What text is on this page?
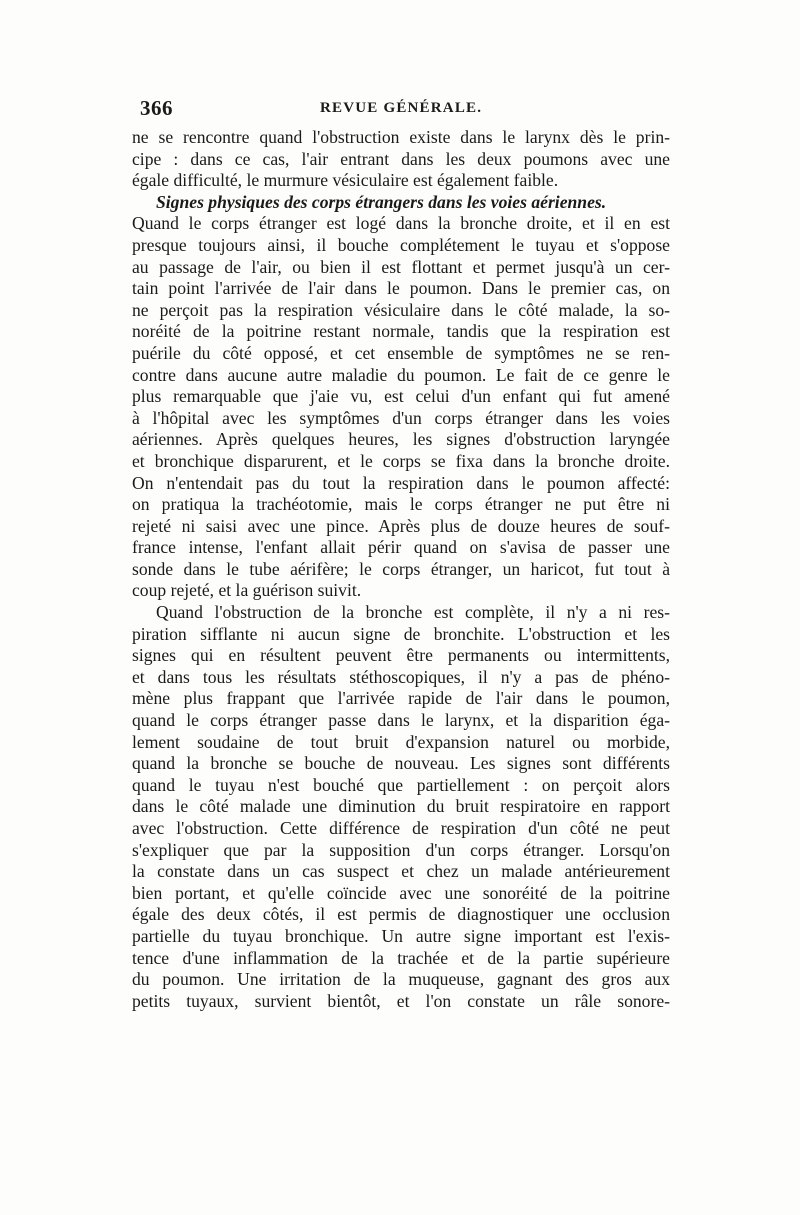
366	REVUE GÉNÉRALE.
ne se rencontre quand l'obstruction existe dans le larynx dès le prin-
cipe : dans ce cas, l'air entrant dans les deux poumons avec une
égale difficulté, le murmure vésiculaire est également faible.
Signes physiques des corps étrangers dans les voies aériennes.
Quand le corps étranger est logé dans la bronche droite, et il en est
presque toujours ainsi, il bouche complétement le tuyau et s'oppose
au passage de l'air, ou bien il est flottant et permet jusqu'à un cer-
tain point l'arrivée de l'air dans le poumon. Dans le premier cas, on
ne perçoit pas la respiration vésiculaire dans le côté malade, la so-
noréité de la poitrine restant normale, tandis que la respiration est
puérile du côté opposé, et cet ensemble de symptômes ne se ren-
contre dans aucune autre maladie du poumon. Le fait de ce genre le
plus remarquable que j'aie vu, est celui d'un enfant qui fut amené
à l'hôpital avec les symptômes d'un corps étranger dans les voies
aériennes. Après quelques heures, les signes d'obstruction laryngée
et bronchique disparurent, et le corps se fixa dans la bronche droite.
On n'entendait pas du tout la respiration dans le poumon affecté:
on pratiqua la trachéotomie, mais le corps étranger ne put être ni
rejeté ni saisi avec une pince. Après plus de douze heures de souf-
france intense, l'enfant allait périr quand on s'avisa de passer une
sonde dans le tube aérifère; le corps étranger, un haricot, fut tout à
coup rejeté, et la guérison suivit.
Quand l'obstruction de la bronche est complète, il n'y a ni res-
piration sifflante ni aucun signe de bronchite. L'obstruction et les
signes qui en résultent peuvent être permanents ou intermittents,
et dans tous les résultats stéthoscopiques, il n'y a pas de phéno-
mène plus frappant que l'arrivée rapide de l'air dans le poumon,
quand le corps étranger passe dans le larynx, et la disparition éga-
lement soudaine de tout bruit d'expansion naturel ou morbide,
quand la bronche se bouche de nouveau. Les signes sont différents
quand le tuyau n'est bouché que partiellement : on perçoit alors
dans le côté malade une diminution du bruit respiratoire en rapport
avec l'obstruction. Cette différence de respiration d'un côté ne peut
s'expliquer que par la supposition d'un corps étranger. Lorsqu'on
la constate dans un cas suspect et chez un malade antérieurement
bien portant, et qu'elle coïncide avec une sonoréité de la poitrine
égale des deux côtés, il est permis de diagnostiquer une occlusion
partielle du tuyau bronchique. Un autre signe important est l'exis-
tence d'une inflammation de la trachée et de la partie supérieure
du poumon. Une irritation de la muqueuse, gagnant des gros aux
petits tuyaux, survient bientôt, et l'on constate un râle sonore-
